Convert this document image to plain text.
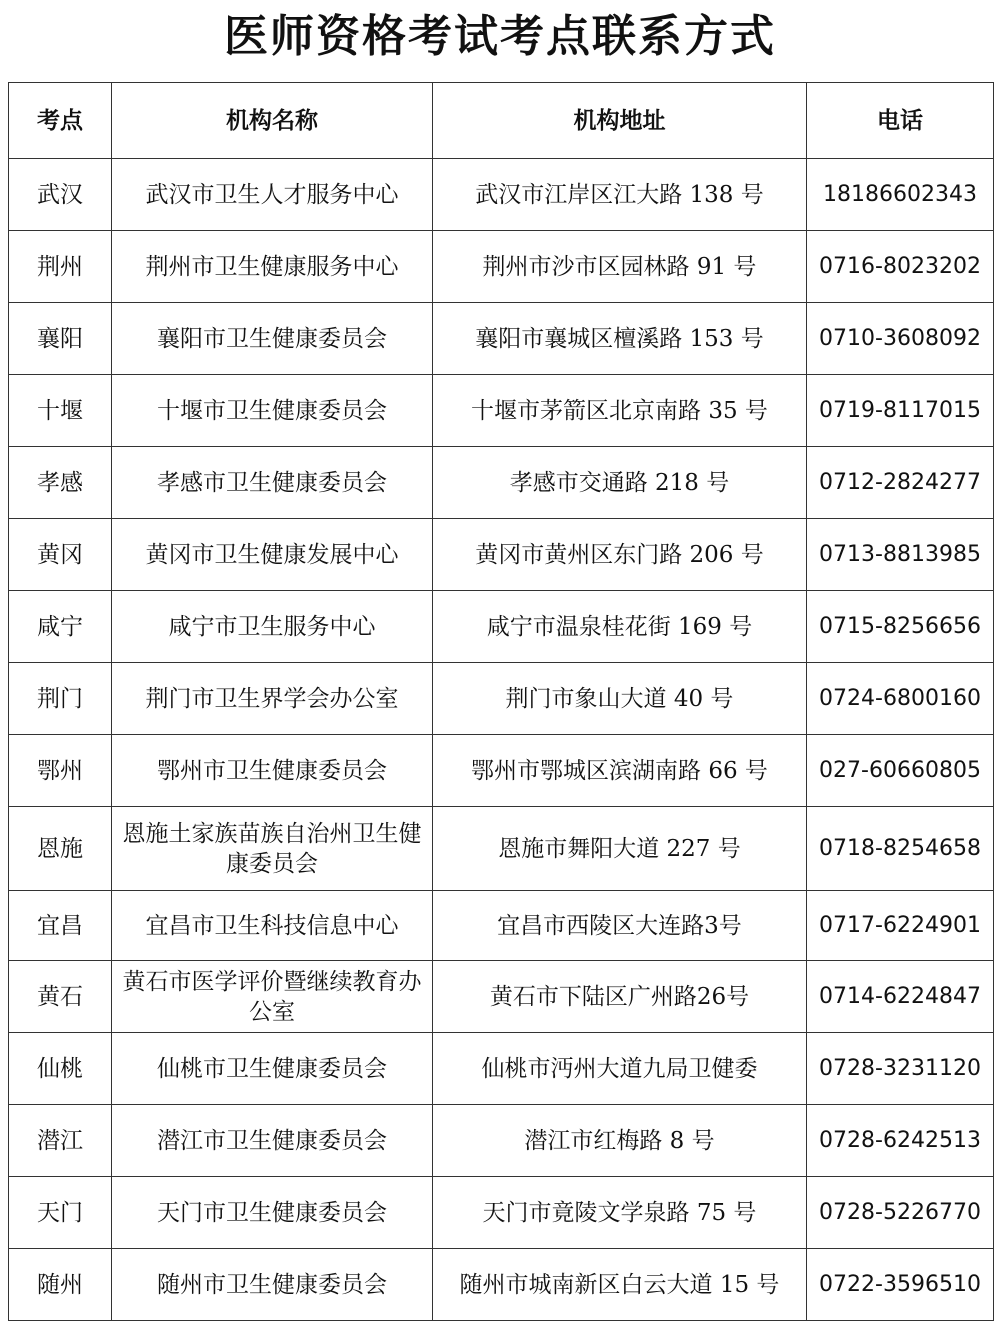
医师资格考试考点联系方式
考点	机构名称	机构地址	电话
武汉	武汉市卫生人才服务中心	武汉市江岸区江大路 138 号	18186602343
荆州	荆州市卫生健康服务中心	荆州市沙市区园林路 91 号	0716-8023202
襄阳	襄阳市卫生健康委员会	襄阳市襄城区檀溪路 153 号	0710-3608092
十堰	十堰市卫生健康委员会	十堰市茅箭区北京南路 35 号	0719-8117015
孝感	孝感市卫生健康委员会	孝感市交通路 218 号	0712-2824277
黄冈	黄冈市卫生健康发展中心	黄冈市黄州区东门路 206 号	0713-8813985
咸宁	咸宁市卫生服务中心	咸宁市温泉桂花街 169 号	0715-8256656
荆门	荆门市卫生界学会办公室	荆门市象山大道 40 号	0724-6800160
鄂州	鄂州市卫生健康委员会	鄂州市鄂城区滨湖南路 66 号	027-60660805
恩施	恩施土家族苗族自治州卫生健康委员会	恩施市舞阳大道 227 号	0718-8254658
宜昌	宜昌市卫生科技信息中心	宜昌市西陵区大连路3号	0717-6224901
黄石	黄石市医学评价暨继续教育办公室	黄石市下陆区广州路26号	0714-6224847
仙桃	仙桃市卫生健康委员会	仙桃市沔州大道九局卫健委	0728-3231120
潜江	潜江市卫生健康委员会	潜江市红梅路 8 号	0728-6242513
天门	天门市卫生健康委员会	天门市竟陵文学泉路 75 号	0728-5226770
随州	随州市卫生健康委员会	随州市城南新区白云大道 15 号	0722-3596510
